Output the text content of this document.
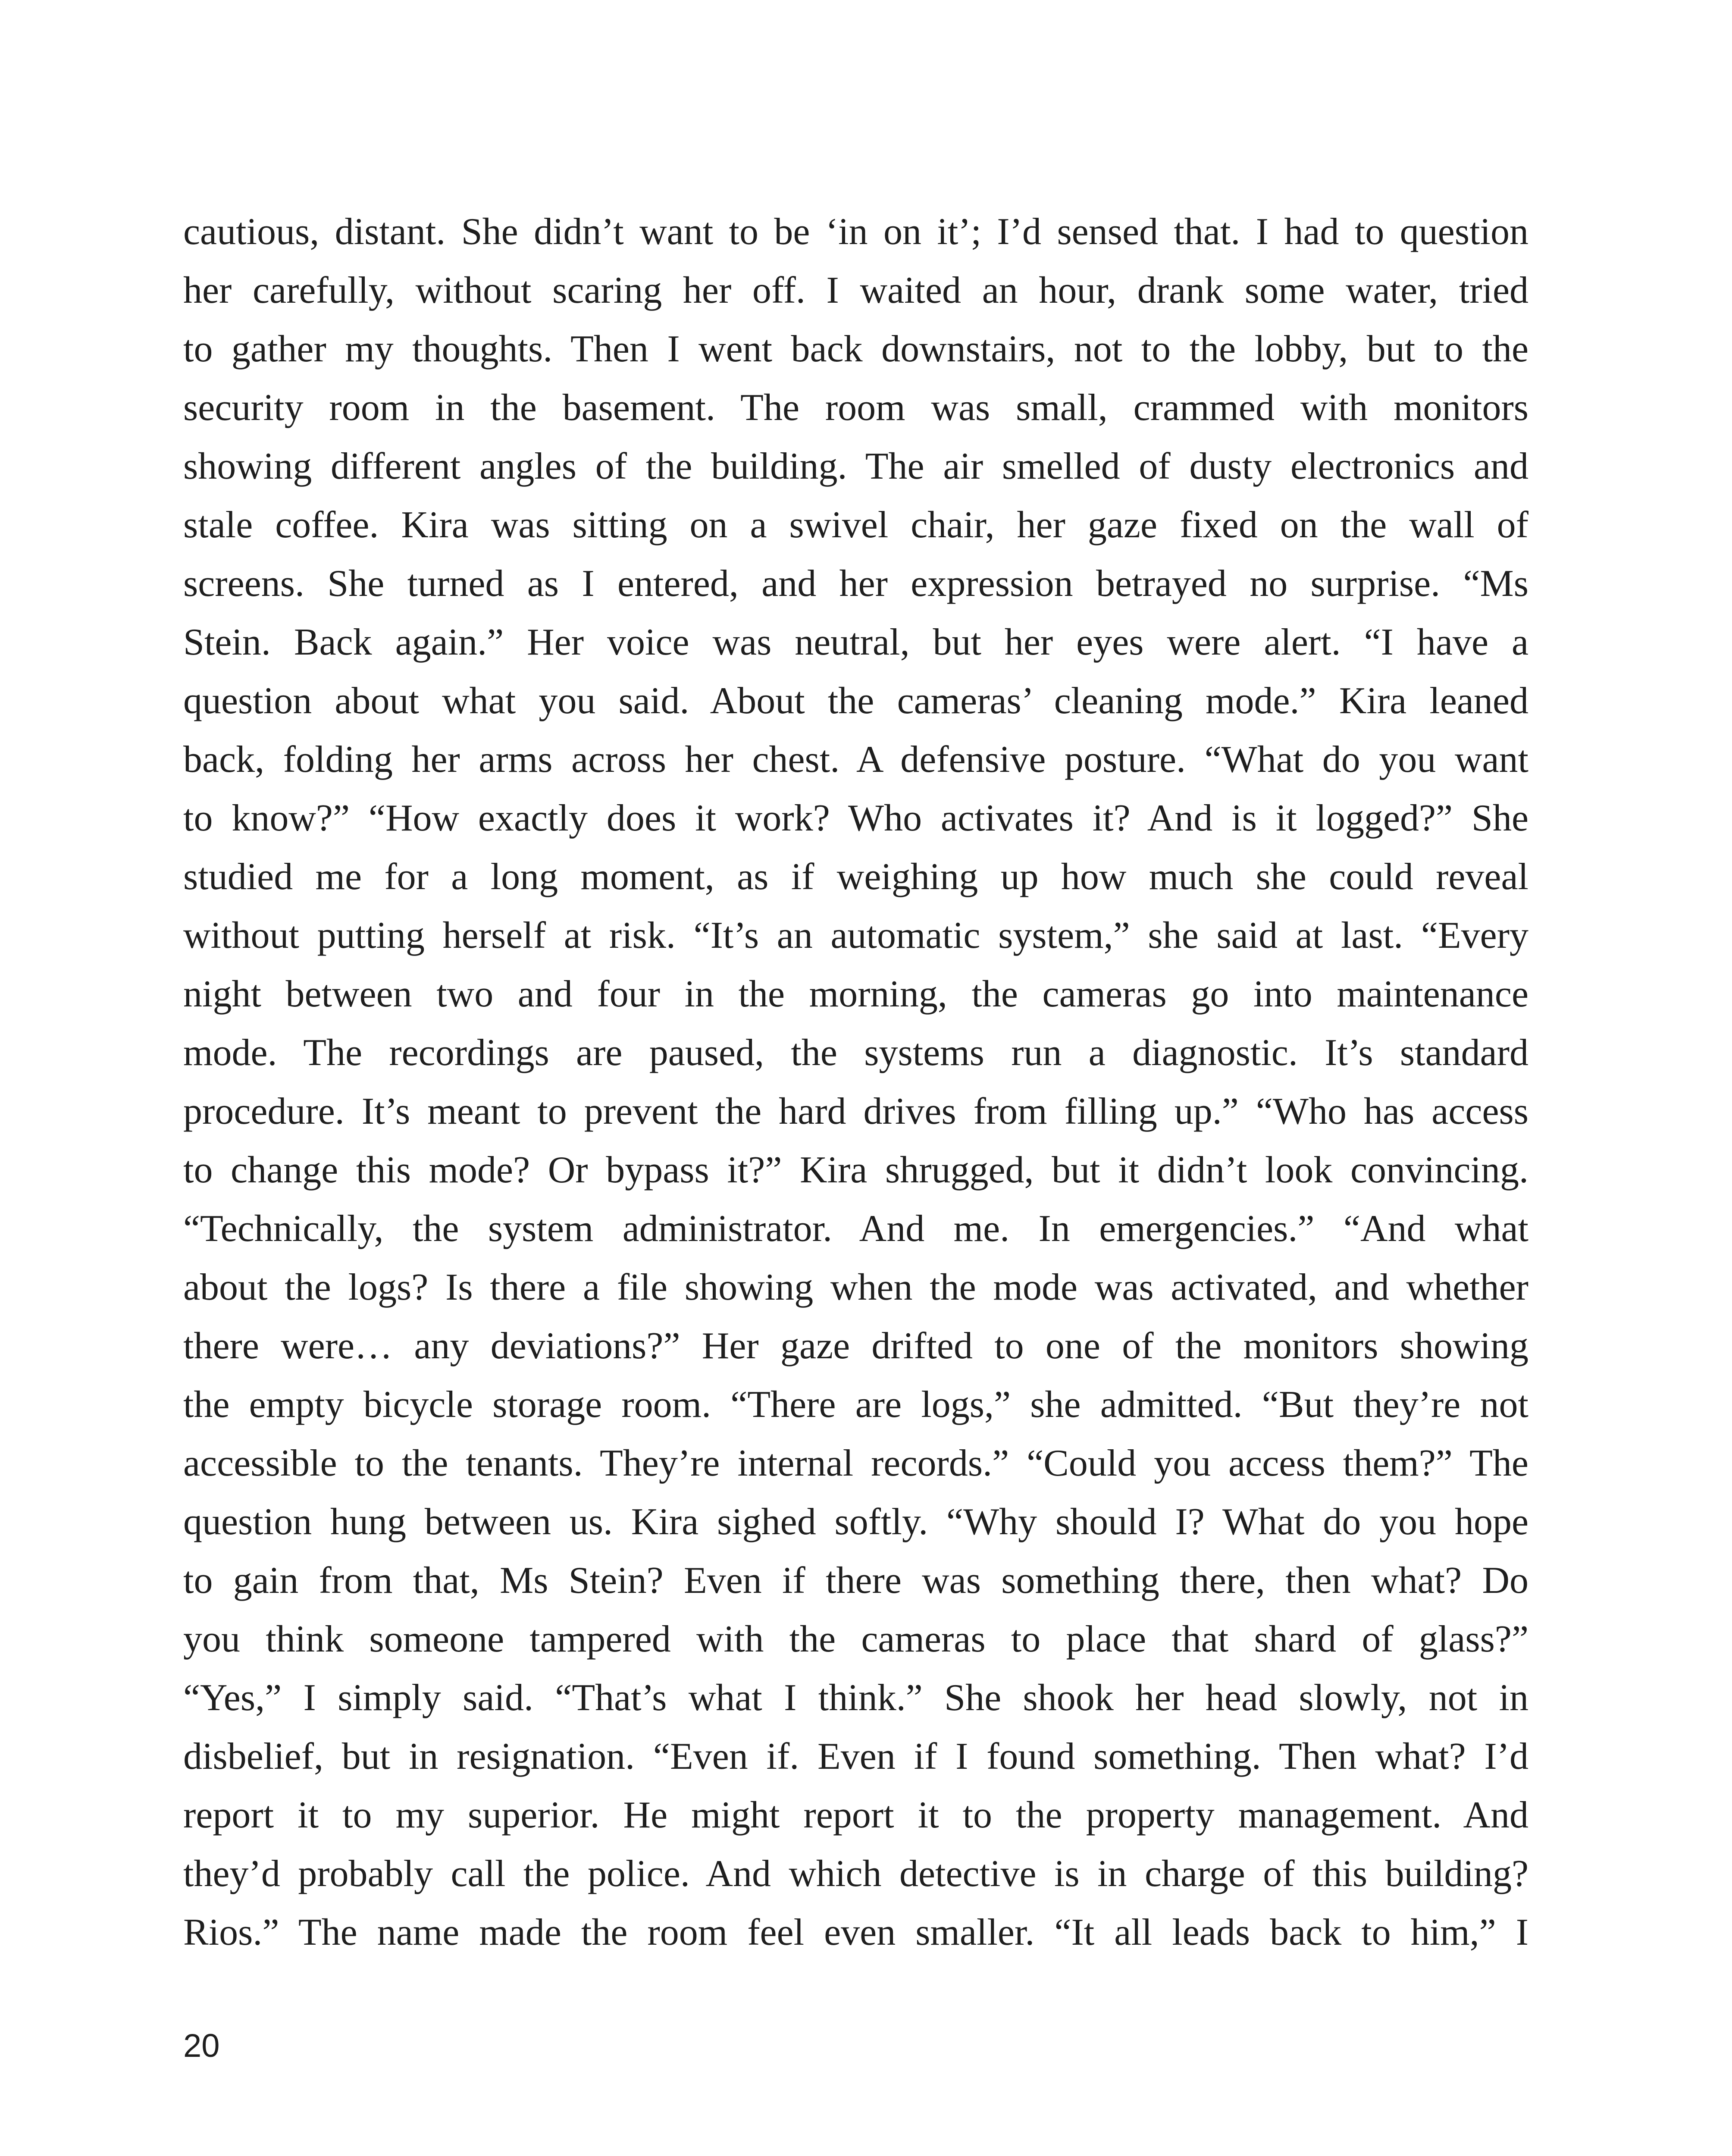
cautious, distant. She didn’t want to be ‘in on it’; I’d sensed that. I had to question
her carefully, without scaring her off. I waited an hour, drank some water, tried
to gather my thoughts. Then I went back downstairs, not to the lobby, but to the
security room in the basement. The room was small, crammed with monitors
showing different angles of the building. The air smelled of dusty electronics and
stale coffee. Kira was sitting on a swivel chair, her gaze fixed on the wall of
screens. She turned as I entered, and her expression betrayed no surprise. “Ms
Stein. Back again.” Her voice was neutral, but her eyes were alert. “I have a
question about what you said. About the cameras’ cleaning mode.” Kira leaned
back, folding her arms across her chest. A defensive posture. “What do you want
to know?” “How exactly does it work? Who activates it? And is it logged?” She
studied me for a long moment, as if weighing up how much she could reveal
without putting herself at risk. “It’s an automatic system,” she said at last. “Every
night between two and four in the morning, the cameras go into maintenance
mode. The recordings are paused, the systems run a diagnostic. It’s standard
procedure. It’s meant to prevent the hard drives from filling up.” “Who has access
to change this mode? Or bypass it?” Kira shrugged, but it didn’t look convincing.
“Technically, the system administrator. And me. In emergencies.” “And what
about the logs? Is there a file showing when the mode was activated, and whether
there were… any deviations?” Her gaze drifted to one of the monitors showing
the empty bicycle storage room. “There are logs,” she admitted. “But they’re not
accessible to the tenants. They’re internal records.” “Could you access them?” The
question hung between us. Kira sighed softly. “Why should I? What do you hope
to gain from that, Ms Stein? Even if there was something there, then what? Do
you think someone tampered with the cameras to place that shard of glass?”
“Yes,” I simply said. “That’s what I think.” She shook her head slowly, not in
disbelief, but in resignation. “Even if. Even if I found something. Then what? I’d
report it to my superior. He might report it to the property management. And
they’d probably call the police. And which detective is in charge of this building?
Rios.” The name made the room feel even smaller. “It all leads back to him,” I
20
